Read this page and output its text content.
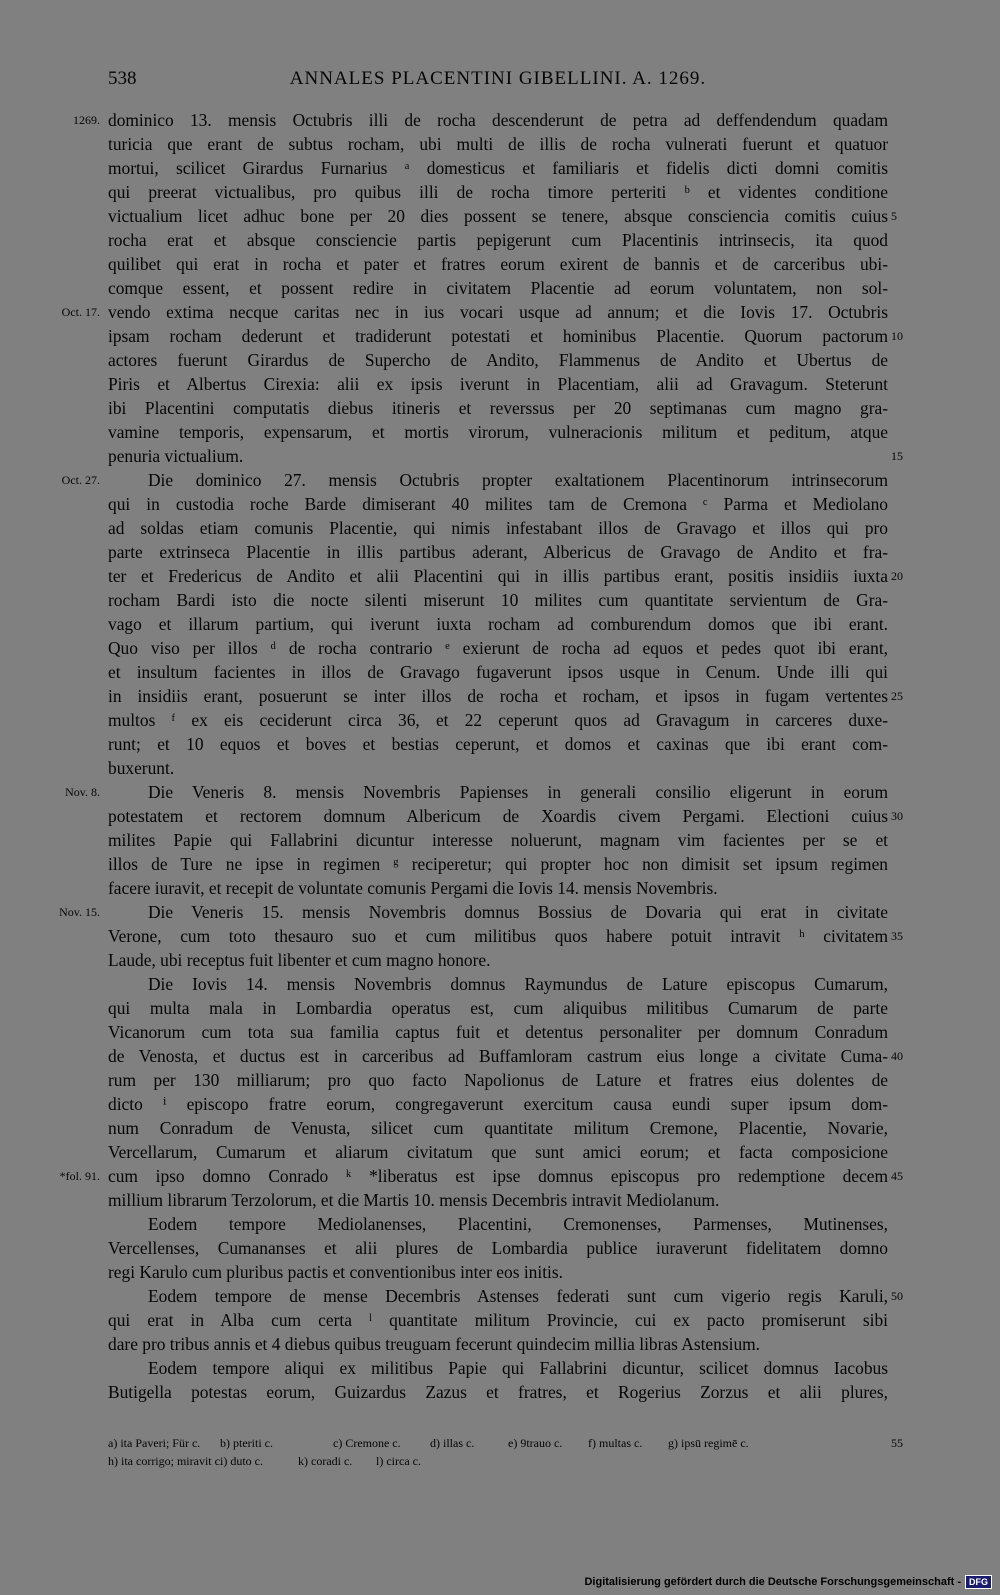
538	ANNALES PLACENTINI GIBELLINI. A. 1269.
dominico 13. mensis Octubris illi de rocha descenderunt de petra ad deffendendum quadam
1269.
turicia que erant de subtus rocham, ubi multi de illis de rocha vulnerati fuerunt et quatuor
mortui, scilicet Girardus Furnarius ᵃ domesticus et familiaris et fidelis dicti domni comitis
qui preerat victualibus, pro quibus illi de rocha timore perteriti ᵇ et videntes conditione
victualium licet adhuc bone per 20 dies possent se tenere, absque consciencia comitis cuius 5
rocha erat et absque consciencie partis pepigerunt cum Placentinis intrinsecis, ita quod
quilibet qui erat in rocha et pater et fratres eorum exirent de bannis et de carceribus ubi-
comque essent, et possent redire in civitatem Placentie ad eorum voluntatem, non sol-
vendo extima necque caritas nec in ius vocari usque ad annum; et die Iovis 17. Octubris
Oct. 17.
ipsam rocham dederunt et tradiderunt potestati et hominibus Placentie. Quorum pactorum 10
actores fuerunt Girardus de Supercho de Andito, Flammenus de Andito et Ubertus de
Piris et Albertus Cirexia: alii ex ipsis iverunt in Placentiam, alii ad Gravagum. Steterunt
ibi Placentini computatis diebus itineris et reverssus per 20 septimanas cum magno gra-
vamine temporis, expensarum, et mortis virorum, vulneracionis militum et peditum, atque
penuria victualium.	15
Die dominico 27. mensis Octubris propter exaltationem Placentinorum intrinsecorum
Oct. 27.
qui in custodia roche Barde dimiserant 40 milites tam de Cremona ᶜ Parma et Mediolano
ad soldas etiam comunis Placentie, qui nimis infestabant illos de Gravago et illos qui pro
parte extrinseca Placentie in illis partibus aderant, Albericus de Gravago de Andito et fra-
ter et Fredericus de Andito et alii Placentini qui in illis partibus erant, positis insidiis iuxta 20
rocham Bardi isto die nocte silenti miserunt 10 milites cum quantitate servientum de Gra-
vago et illarum partium, qui iverunt iuxta rocham ad comburendum domos que ibi erant.
Quo viso per illos ᵈ de rocha contrario ᵉ exierunt de rocha ad equos et pedes quot ibi erant,
et insultum facientes in illos de Gravago fugaverunt ipsos usque in Cenum. Unde illi qui
in insidiis erant, posuerunt se inter illos de rocha et rocham, et ipsos in fugam vertentes 25
multos ᶠ ex eis ceciderunt circa 36, et 22 ceperunt quos ad Gravagum in carceres duxe-
runt; et 10 equos et boves et bestias ceperunt, et domos et caxinas que ibi erant com-
buxerunt.
Die Veneris 8. mensis Novembris Papienses in generali consilio eligerunt in eorum
Nov. 8.
potestatem et rectorem domnum Albericum de Xoardis civem Pergami. Electioni cuius 30
milites Papie qui Fallabrini dicuntur interesse noluerunt, magnam vim facientes per se et
illos de Ture ne ipse in regimen ᵍ reciperetur; qui propter hoc non dimisit set ipsum regimen
facere iuravit, et recepit de voluntate comunis Pergami die Iovis 14. mensis Novembris.
Die Veneris 15. mensis Novembris domnus Bossius de Dovaria qui erat in civitate
Nov. 15.
Verone, cum toto thesauro suo et cum militibus quos habere potuit intravit ʰ civitatem 35
Laude, ubi receptus fuit libenter et cum magno honore.
Die Iovis 14. mensis Novembris domnus Raymundus de Lature episcopus Cumarum,
qui multa mala in Lombardia operatus est, cum aliquibus militibus Cumarum de parte
Vicanorum cum tota sua familia captus fuit et detentus personaliter per domnum Conradum
de Venosta, et ductus est in carceribus ad Buffamloram castrum eius longe a civitate Cuma- 40
rum per 130 milliarum; pro quo facto Napolionus de Lature et fratres eius dolentes de
dicto ⁱ episcopo fratre eorum, congregaverunt exercitum causa eundi super ipsum dom-
num Conradum de Venusta, silicet cum quantitate militum Cremone, Placentie, Novarie,
Vercellarum, Cumarum et aliarum civitatum que sunt amici eorum; et facta composicione
cum ipso domno Conrado ᵏ *liberatus est ipse domnus episcopus pro redemptione decem
*fol. 91.	45
millium librarum Terzolorum, et die Martis 10. mensis Decembris intravit Mediolanum.
Eodem tempore Mediolanenses, Placentini, Cremonenses, Parmenses, Mutinenses,
Vercellenses, Cumananses et alii plures de Lombardia publice iuraverunt fidelitatem domno
regi Karulo cum pluribus pactis et conventionibus inter eos initis.
Eodem tempore de mense Decembris Astenses federati sunt cum vigerio regis Karuli, 50
qui erat in Alba cum certa ˡ quantitate militum Provincie, cui ex pacto promiserunt sibi
dare pro tribus annis et 4 diebus quibus treuguam fecerunt quindecim millia libras Astensium.
Eodem tempore aliqui ex militibus Papie qui Fallabrini dicuntur, scilicet domnus Iacobus
Butigella potestas eorum, Guizardus Zazus et fratres, et Rogerius Zorzus et alii plures,
55
a) ita Paveri; Für c. b) pteriti c.	c) Cremone c. d) illas c.	e) 9trauo c. f) multas c. g) ipsū regimē c.
h) ita corrigo; miravit c.
i) duto c.	k) coradi c. l) circa c.
Digitalisierung gefördert durch die Deutsche Forschungsgemeinschaft - DFG
